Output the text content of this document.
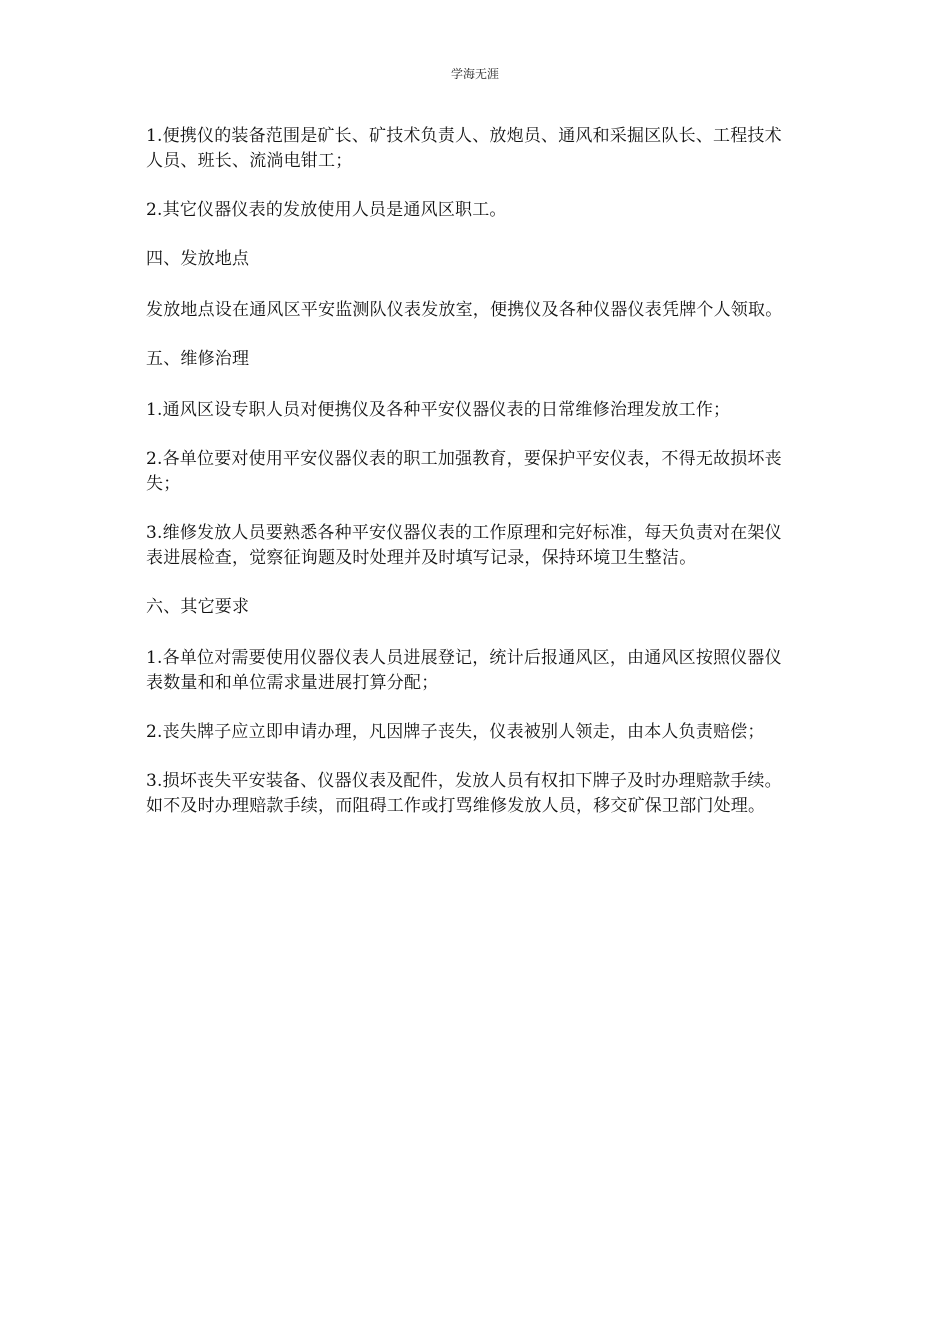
学海无涯

1.便携仪的装备范围是矿长、矿技术负责人、放炮员、通风和采掘区队长、工程技术人员、班长、流淌电钳工；

2.其它仪器仪表的发放使用人员是通风区职工。

四、发放地点

发放地点设在通风区平安监测队仪表发放室，便携仪及各种仪器仪表凭牌个人领取。

五、维修治理

1.通风区设专职人员对便携仪及各种平安仪器仪表的日常维修治理发放工作；

2.各单位要对使用平安仪器仪表的职工加强教育，要保护平安仪表，不得无故损坏丧失；

3.维修发放人员要熟悉各种平安仪器仪表的工作原理和完好标准，每天负责对在架仪表进展检查，觉察征询题及时处理并及时填写记录，保持环境卫生整洁。

六、其它要求

1.各单位对需要使用仪器仪表人员进展登记，统计后报通风区，由通风区按照仪器仪表数量和和单位需求量进展打算分配；

2.丧失牌子应立即申请办理，凡因牌子丧失，仪表被别人领走，由本人负责赔偿；

3.损坏丧失平安装备、仪器仪表及配件，发放人员有权扣下牌子及时办理赔款手续。如不及时办理赔款手续，而阻碍工作或打骂维修发放人员，移交矿保卫部门处理。
